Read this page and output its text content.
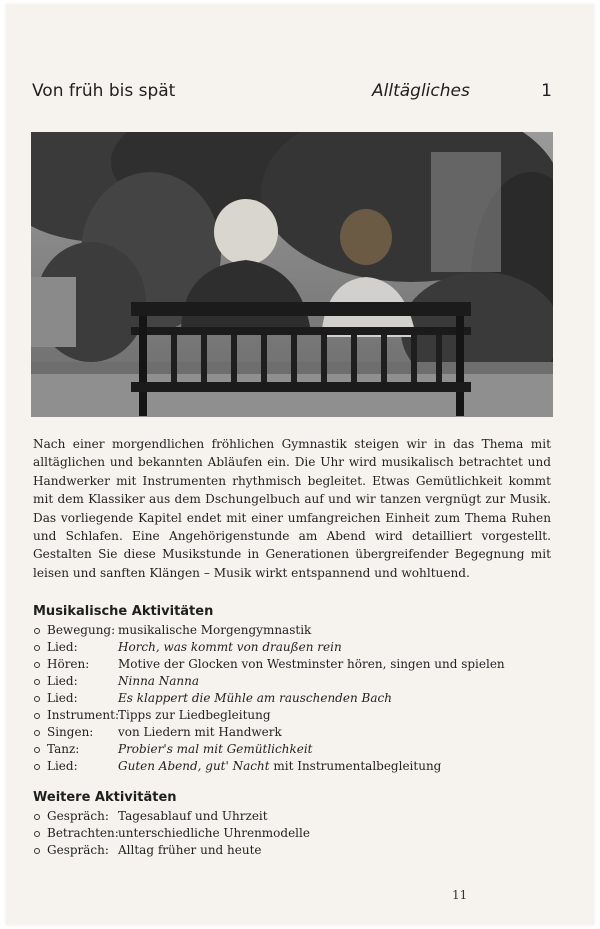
Von früh bis spät	Alltägliches	1

Nach einer morgendlichen fröhlichen Gymnastik steigen wir in das Thema mit alltäglichen und bekannten Abläufen ein. Die Uhr wird musikalisch betrachtet und Handwerker mit Instrumenten rhythmisch begleitet. Etwas Gemütlichkeit kommt mit dem Klassiker aus dem Dschungelbuch auf und wir tanzen vergnügt zur Musik. Das vorliegende Kapitel endet mit einer umfangreichen Einheit zum Thema Ruhen und Schlafen. Eine Angehörigenstunde am Abend wird detailliert vorgestellt. Gestalten Sie diese Musikstunde in Generationen übergreifender Begegnung mit leisen und sanften Klängen – Musik wirkt entspannend und wohltuend.

Musikalische Aktivitäten
Bewegung: musikalische Morgengymnastik
Lied:	Horch, was kommt von draußen rein
Hören: Motive der Glocken von Westminster hören, singen und spielen
Lied:	Ninna Nanna
Lied:	Es klappert die Mühle am rauschenden Bach
Instrument: Tipps zur Liedbegleitung
Singen: von Liedern mit Handwerk
Tanz:	Probier's mal mit Gemütlichkeit
Lied:	Guten Abend, gut' Nacht mit Instrumentalbegleitung
Weitere Aktivitäten
Gespräch: Tagesablauf und Uhrzeit
Betrachten: unterschiedliche Uhrenmodelle
Gespräch: Alltag früher und heute
11
